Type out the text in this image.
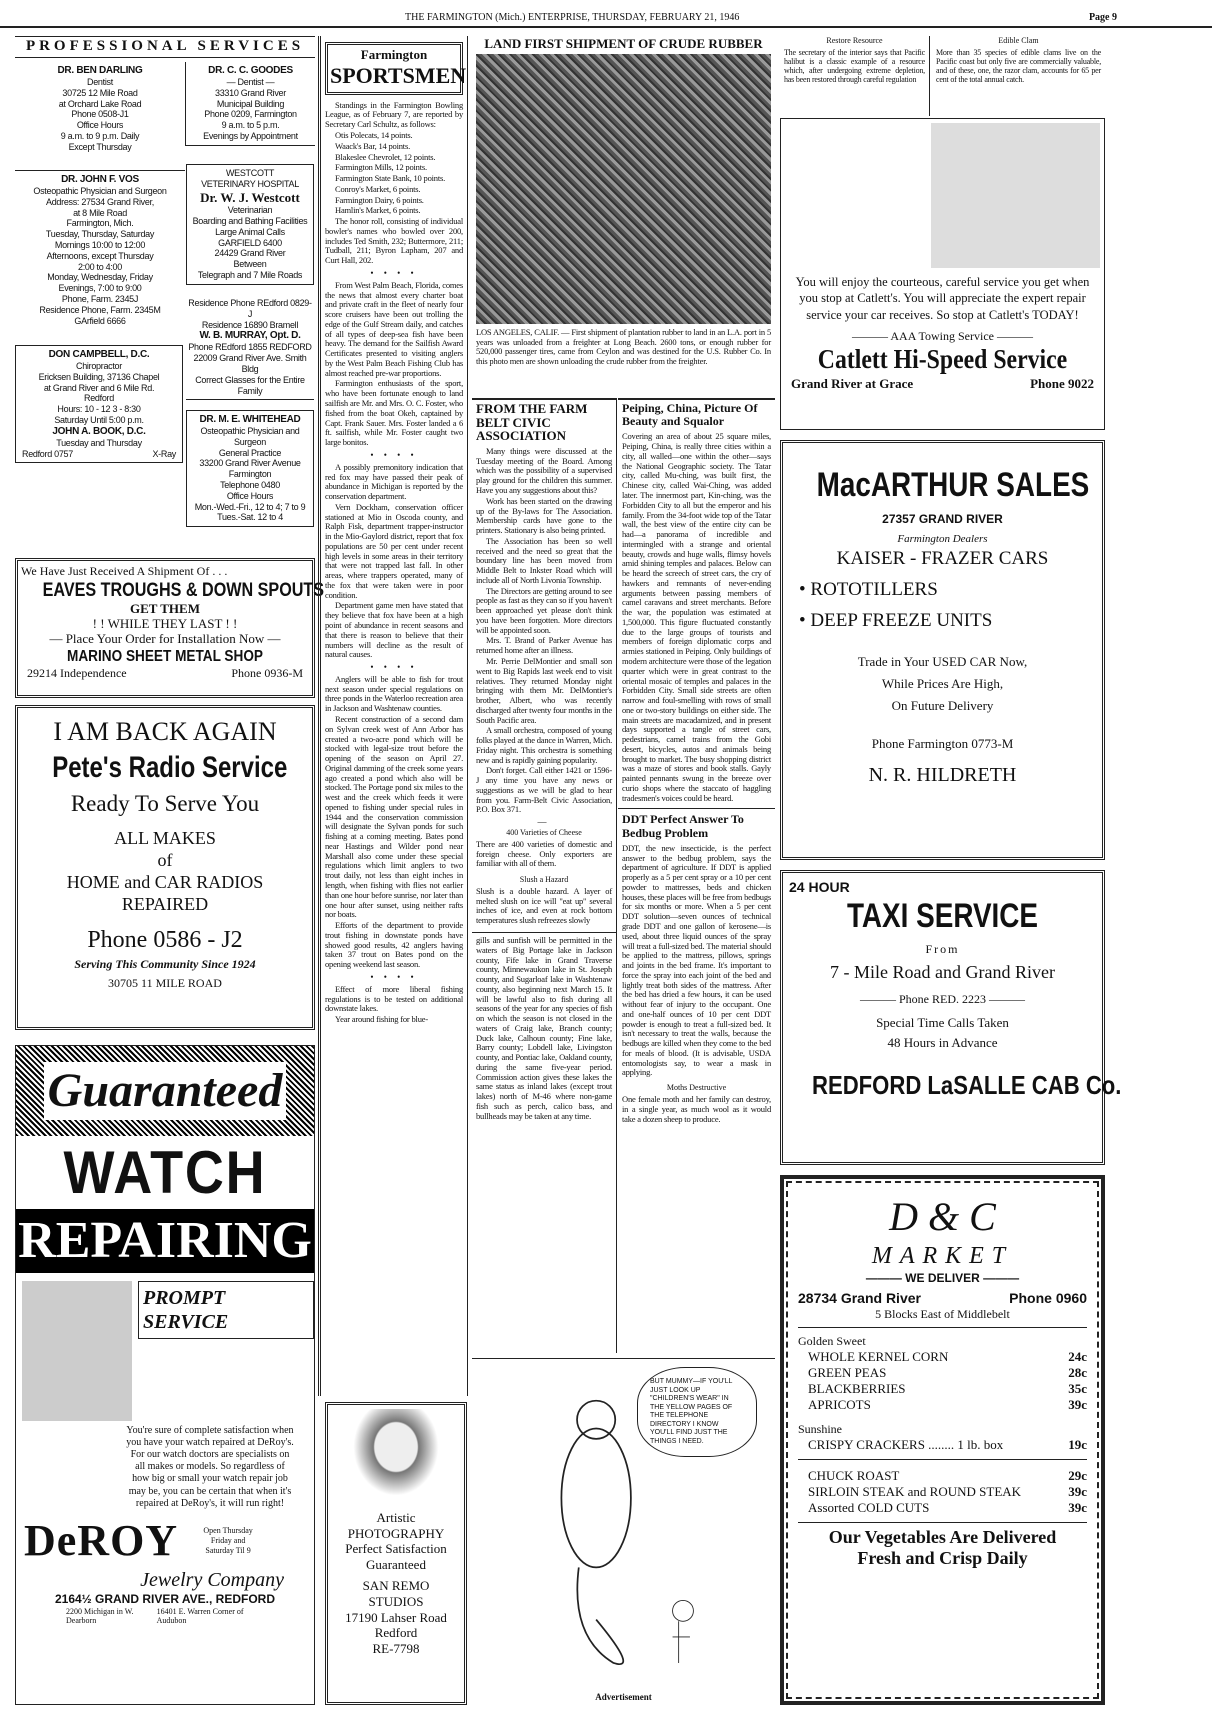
THE FARMINGTON (Mich.) ENTERPRISE, THURSDAY, FEBRUARY 21, 1946	Page 9
PROFESSIONAL SERVICES
DR. BEN DARLING
Dentist
30725 12 Mile Road
at Orchard Lake Road
Phone 0508-J1
Office Hours
9 a.m. to 9 p.m. Daily
Except Thursday
DR. C. C. GOODES
— Dentist —
33310 Grand River
Municipal Building
Phone 0209, Farmington
9 a.m. to 5 p.m.
Evenings by Appointment
DR. JOHN F. VOS
Osteopathic Physician and Surgeon
Address: 27534 Grand River,
at 8 Mile Road
Farmington, Mich.
Tuesday, Thursday, Saturday
Mornings 10:00 to 12:00
Afternoons, except Thursday
2:00 to 4:00
Monday, Wednesday, Friday
Evenings, 7:00 to 9:00
Phone, Farm. 2345J
Residence Phone, Farm. 2345M
GArfield 6666
WESTCOTT
VETERINARY HOSPITAL
Dr. W. J. Westcott
Veterinarian
Boarding and Bathing Facilities
Large Animal Calls
GARFIELD 6400
24429 Grand River
Between
Telegraph and 7 Mile Roads
Residence Phone REdford 0829-J
Residence 16890 Bramell
W. B. MURRAY, Opt. D.
Phone REdford 1855 REDFORD
22009 Grand River Ave. Smith Bldg
Correct Glasses for the Entire Family
DON CAMPBELL, D.C.
Chiropractor
Ericksen Building, 37136 Chapel
at Grand River and 6 Mile Rd.
Redford
Hours: 10 - 12 3 - 8:30
Saturday Until 5:00 p.m.
JOHN A. BOOK, D.C.
Tuesday and Thursday
Redford 0757	X-Ray
DR. M. E. WHITEHEAD
Osteopathic Physician and
Surgeon
General Practice
33200 Grand River Avenue
Farmington
Telephone 0480
Office Hours
Mon.-Wed.-Fri., 12 to 4; 7 to 9
Tues.-Sat. 12 to 4
We Have Just Received A Shipment Of . . .
EAVES TROUGHS & DOWN SPOUTS
GET THEM
! ! WHILE THEY LAST ! !
— Place Your Order for Installation Now —
MARINO SHEET METAL SHOP
29214 Independence	Phone 0936-M
I AM BACK AGAIN
Pete's Radio Service
Ready To Serve You
ALL MAKES
of
HOME and CAR RADIOS
REPAIRED
Phone 0586 - J2
Serving This Community Since 1924
30705 11 MILE ROAD
Guaranteed
WATCH
REPAIRING
PROMPT SERVICE
You're sure of complete satisfaction when you have your watch repaired at DeRoy's. For our watch doctors are specialists on all makes or models. So regardless of how big or small your watch repair job may be, you can be certain that when it's repaired at DeRoy's, it will run right!
DeROY	Open Thursday Friday and Saturday Til 9
Jewelry Company
2164½ GRAND RIVER AVE., REDFORD
2200 Michigan in W. Dearborn
16401 E. Warren Corner of Audubon
Farmington
SPORTSMEN

Standings in the Farmington Bowling League, as of February 7, are reported by Secretary Carl Schultz, as follows:

Otis Polecats, 14 points.

Waack's Bar, 14 points.

Blakeslee Chevrolet, 12 points.

Farmington Mills, 12 points.

Farmington State Bank, 10 points.

Conroy's Market, 6 points.

Farmington Dairy, 6 points.

Hamlin's Market, 6 points.

The honor roll, consisting of individual bowler's names who bowled over 200, includes Ted Smith, 232; Buttermore, 211; Tudball, 211; Byron Lapham, 207 and Curt Hall, 202.

• • • •

From West Palm Beach, Florida, comes the news that almost every charter boat and private craft in the fleet of nearly four score cruisers have been out trolling the edge of the Gulf Stream daily, and catches of all types of deep-sea fish have been heavy. The demand for the Sailfish Award Certificates presented to visiting anglers by the West Palm Beach Fishing Club has almost reached pre-war proportions.

Farmington enthusiasts of the sport, who have been fortunate enough to land sailfish are Mr. and Mrs. O. C. Foster, who fished from the boat Okeh, captained by Capt. Frank Sauer. Mrs. Foster landed a 6 ft. sailfish, while Mr. Foster caught two large bonitos.

• • • •

A possibly premonitory indication that red fox may have passed their peak of abundance in Michigan is reported by the conservation department.

Vern Dockham, conservation officer stationed at Mio in Oscoda county, and Ralph Fisk, department trapper-instructor in the Mio-Gaylord district, report that fox populations are 50 per cent under recent high levels in some areas in their territory that were not trapped last fall. In other areas, where trappers operated, many of the fox that were taken were in poor condition.

Department game men have stated that they believe that fox have been at a high point of abundance in recent seasons and that there is reason to believe that their numbers will decline as the result of natural causes.

• • • •

Anglers will be able to fish for trout next season under special regulations on three ponds in the Waterloo recreation area in Jackson and Washtenaw counties.

Recent construction of a second dam on Sylvan creek west of Ann Arbor has created a two-acre pond which will be stocked with legal-size trout before the opening of the season on April 27. Original damming of the creek some years ago created a pond which also will be stocked. The Portage pond six miles to the west and the creek which feeds it were opened to fishing under special rules in 1944 and the conservation commission will designate the Sylvan ponds for such fishing at a coming meeting. Bates pond near Hastings and Wilder pond near Marshall also come under these special regulations which limit anglers to two trout daily, not less than eight inches in length, when fishing with flies not earlier than one hour before sunrise, nor later than one hour after sunset, using neither rafts nor boats.

Efforts of the department to provide trout fishing in downstate ponds have showed good results, 42 anglers having taken 37 trout on Bates pond on the opening weekend last season.

• • • •

Effect of more liberal fishing regulations is to be tested on additional downstate lakes.

Year around fishing for blue-

Artistic
PHOTOGRAPHY
Perfect Satisfaction
Guaranteed
SAN REMO
STUDIOS
17190 Lahser Road
Redford
RE-7798
LAND FIRST SHIPMENT OF CRUDE RUBBER
LOS ANGELES, CALIF. — First shipment of plantation rubber to land in an L.A. port in 5 years was unloaded from a freighter at Long Beach. 2600 tons, or enough rubber for 520,000 passenger tires, came from Ceylon and was destined for the U.S. Rubber Co. In this photo men are shown unloading the crude rubber from the freighter.
FROM THE FARM BELT CIVIC ASSOCIATION

Many things were discussed at the Tuesday meeting of the Board. Among which was the possibility of a supervised play ground for the children this summer. Have you any suggestions about this?

Work has been started on the drawing up of the By-laws for The Association. Membership cards have gone to the printers. Stationary is also being printed.

The Association has been so well received and the need so great that the boundary line has been moved from Middle Belt to Inkster Road which will include all of North Livonia Township.

The Directors are getting around to see people as fast as they can so if you haven't been approached yet please don't think you have been forgotten. More directors will be appointed soon.

Mrs. T. Brand of Parker Avenue has returned home after an illness.

Mr. Perrie DelMontier and small son went to Big Rapids last week end to visit relatives. They returned Monday night bringing with them Mr. DelMontier's brother, Albert, who was recently discharged after twenty four months in the South Pacific area.

A small orchestra, composed of young folks played at the dance in Warren, Mich. Friday night. This orchestra is something new and is rapidly gaining popularity.

Don't forget. Call either 1421 or 1596-J any time you have any news or suggestions as we will be glad to hear from you. Farm-Belt Civic Association, P.O. Box 371.

—
400 Varieties of Cheese
There are 400 varieties of domestic and foreign cheese. Only exporters are familiar with all of them.
Slush a Hazard
Slush is a double hazard. A layer of melted slush on ice will "eat up" several inches of ice, and even at rock bottom temperatures slush refreezes slowly
gills and sunfish will be permitted in the waters of Big Portage lake in Jackson county, Fife lake in Grand Traverse county, Minnewaukon lake in St. Joseph county, and Sugarloaf lake in Washtenaw county, also beginning next March 15. It will be lawful also to fish during all seasons of the year for any species of fish on which the season is not closed in the waters of Craig lake, Branch county; Duck lake, Calhoun county; Fine lake, Barry county; Lobdell lake, Livingston county, and Pontiac lake, Oakland county, during the same five-year period. Commission action gives these lakes the same status as inland lakes (except trout lakes) north of M-46 where non-game fish such as perch, calico bass, and bullheads may be taken at any time.
Peiping, China, Picture Of Beauty and Squalor
Covering an area of about 25 square miles, Peiping, China, is really three cities within a city, all walled—one within the other—says the National Geographic society. The Tatar city, called Mu-ching, was built first, the Chinese city, called Wai-Ching, was added later. The innermost part, Kin-ching, was the Forbidden City to all but the emperor and his family. From the 34-foot wide top of the Tatar wall, the best view of the entire city can be had—a panorama of incredible and intermingled with a strange and oriental beauty, crowds and huge walls, flimsy hovels amid shining temples and palaces. Below can be heard the screech of street cars, the cry of hawkers and remnants of never-ending arguments between passing members of camel caravans and street merchants. Before the war, the population was estimated at 1,500,000. This figure fluctuated constantly due to the large groups of tourists and members of foreign diplomatic corps and armies stationed in Peiping. Only buildings of modern architecture were those of the legation quarter which were in great contrast to the oriental mosaic of temples and palaces in the Forbidden City. Small side streets are often narrow and foul-smelling with rows of small one or two-story buildings on either side. The main streets are macadamized, and in present days supported a tangle of street cars, pedestrians, camel trains from the Gobi desert, bicycles, autos and animals being brought to market. The busy shopping district was a maze of stores and book stalls. Gayly painted pennants swung in the breeze over curio shops where the staccato of haggling tradesmen's voices could be heard.
DDT Perfect Answer To Bedbug Problem
DDT, the new insecticide, is the perfect answer to the bedbug problem, says the department of agriculture. If DDT is applied properly as a 5 per cent spray or a 10 per cent powder to mattresses, beds and chicken houses, these places will be free from bedbugs for six months or more. When a 5 per cent DDT solution—seven ounces of technical grade DDT and one gallon of kerosene—is used, about three liquid ounces of the spray will treat a full-sized bed. The material should be applied to the mattress, pillows, springs and joints in the bed frame. It's important to force the spray into each joint of the bed and lightly treat both sides of the mattress. After the bed has dried a few hours, it can be used without fear of injury to the occupant. One and one-half ounces of 10 per cent DDT powder is enough to treat a full-sized bed. It isn't necessary to treat the walls, because the bedbugs are killed when they come to the bed for meals of blood. (It is advisable, USDA entomologists say, to wear a mask in applying.
Moths Destructive
One female moth and her family can destroy, in a single year, as much wool as it would take a dozen sheep to produce.
BUT MUMMY—IF YOU'LL JUST LOOK UP "CHILDREN'S WEAR" IN THE YELLOW PAGES OF THE TELEPHONE DIRECTORY I KNOW YOU'LL FIND JUST THE THINGS I NEED.
Advertisement
Restore Resource
The secretary of the interior says that Pacific halibut is a classic example of a resource which, after undergoing extreme depletion, has been restored through careful regulation
Edible Clam
More than 35 species of edible clams live on the Pacific coast but only five are commercially valuable, and of these, one, the razor clam, accounts for 65 per cent of the total annual catch.
You will enjoy the courteous, careful service you get when you stop at Catlett's. You will appreciate the expert repair service your car receives. So stop at Catlett's TODAY!
——— AAA Towing Service ———
Catlett Hi-Speed Service
Grand River at Grace	Phone 9022
MacARTHUR SALES
27357 GRAND RIVER
Farmington Dealers
KAISER - FRAZER CARS
• ROTOTILLERS
• DEEP FREEZE UNITS
Trade in Your USED CAR Now,
While Prices Are High,
On Future Delivery
Phone Farmington 0773-M
N. R. HILDRETH
24 HOUR
TAXI SERVICE
From
7 - Mile Road and Grand River
——— Phone RED. 2223 ———
Special Time Calls Taken
48 Hours in Advance
REDFORD LaSALLE CAB Co.
D & C
MARKET
——— WE DELIVER ———
28734 Grand River	Phone 0960
5 Blocks East of Middlebelt
Golden Sweet
WHOLE KERNEL CORN	24c
GREEN PEAS	28c
BLACKBERRIES	35c
APRICOTS	39c
Sunshine
CRISPY CRACKERS ........ 1 lb. box	19c
CHUCK ROAST	29c
SIRLOIN STEAK and ROUND STEAK	39c
Assorted COLD CUTS	39c
Our Vegetables Are Delivered
Fresh and Crisp Daily
